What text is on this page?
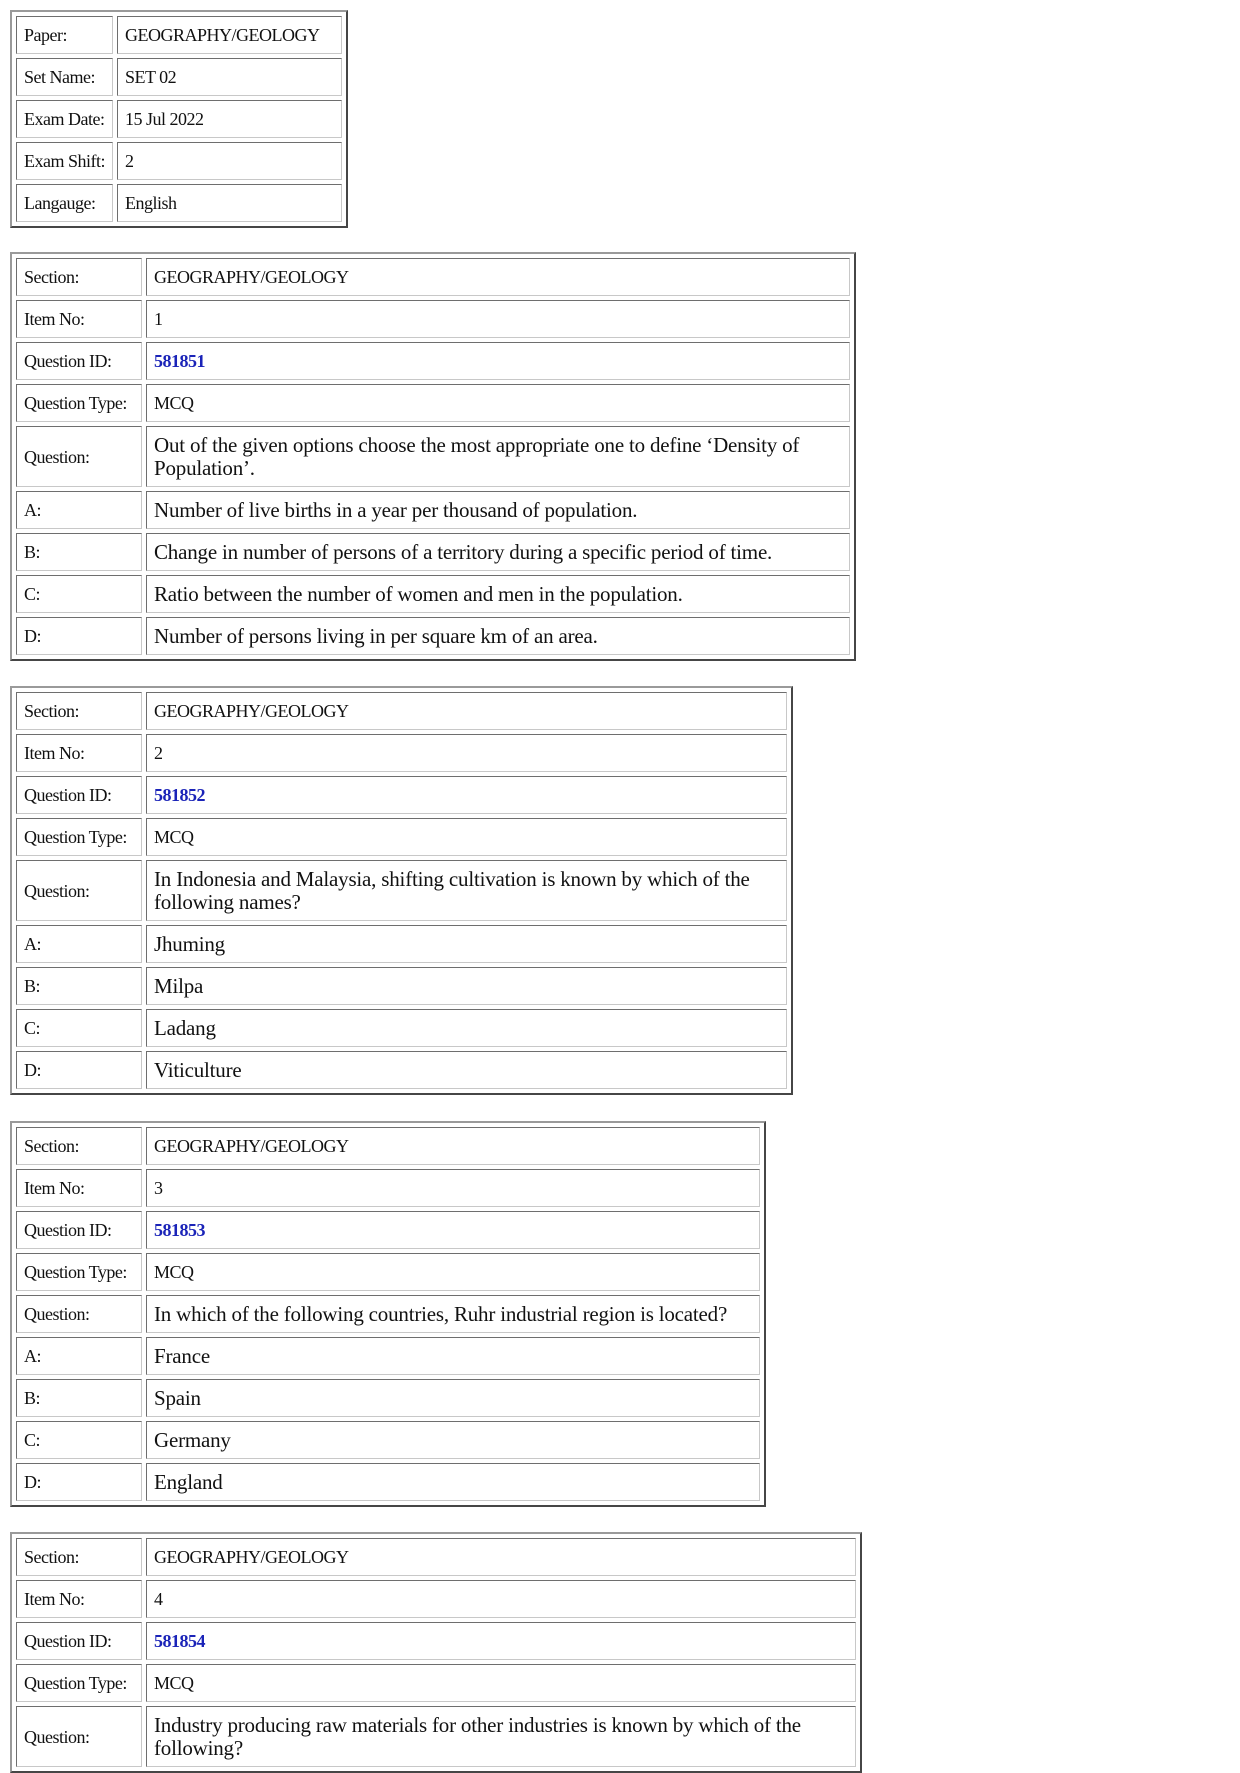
Paper:	GEOGRAPHY/GEOLOGY
Set Name:	SET 02
Exam Date:	15 Jul 2022
Exam Shift:	2
Langauge:	English
Section:	GEOGRAPHY/GEOLOGY
Item No:	1
Question ID:	581851
Question Type:	MCQ
Question:	Out of the given options choose the most appropriate one to define ‘Density of Population’.
A:	Number of live births in a year per thousand of population.
B:	Change in number of persons of a territory during a specific period of time.
C:	Ratio between the number of women and men in the population.
D:	Number of persons living in per square km of an area.
Section:	GEOGRAPHY/GEOLOGY
Item No:	2
Question ID:	581852
Question Type:	MCQ
Question:	In Indonesia and Malaysia, shifting cultivation is known by which of the following names?
A:	Jhuming
B:	Milpa
C:	Ladang
D:	Viticulture
Section:	GEOGRAPHY/GEOLOGY
Item No:	3
Question ID:	581853
Question Type:	MCQ
Question:	In which of the following countries, Ruhr industrial region is located?
A:	France
B:	Spain
C:	Germany
D:	England
Section:	GEOGRAPHY/GEOLOGY
Item No:	4
Question ID:	581854
Question Type:	MCQ
Question:	Industry producing raw materials for other industries is known by which of the following?
